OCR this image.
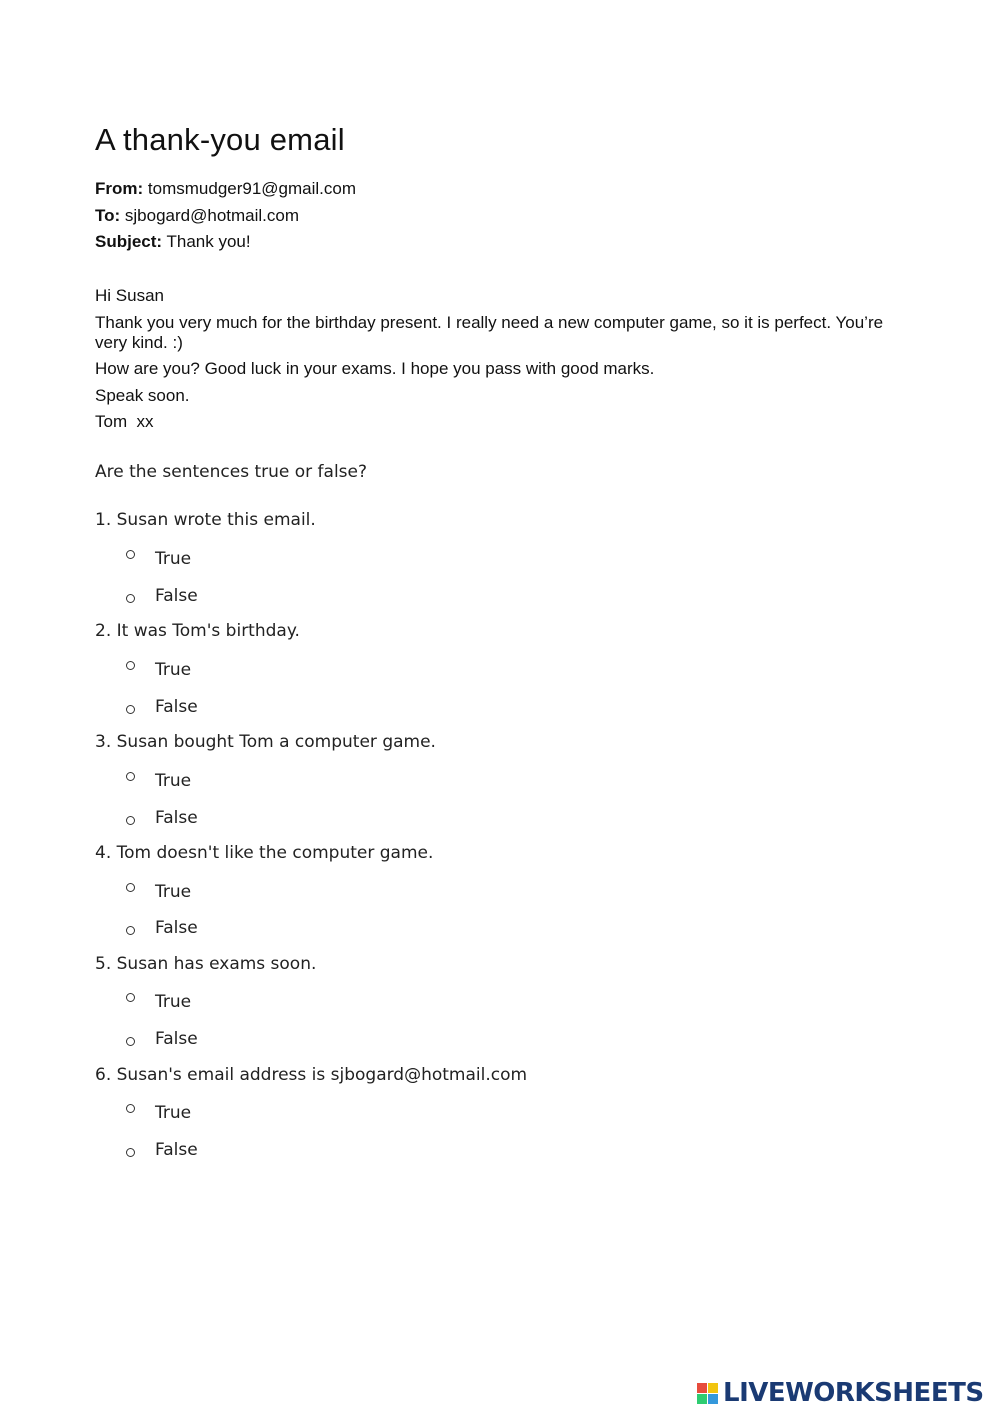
A thank-you email
From: tomsmudger91@gmail.com
To: sjbogard@hotmail.com
Subject: Thank you!
Hi Susan
Thank you very much for the birthday present. I really need a new computer game, so it is perfect. You’re very kind. :)
How are you? Good luck in your exams. I hope you pass with good marks.
Speak soon.
Tom  xx
Are the sentences true or false?
1. Susan wrote this email.
True
False
2. It was Tom's birthday.
True
False
3. Susan bought Tom a computer game.
True
False
4. Tom doesn't like the computer game.
True
False
5. Susan has exams soon.
True
False
6. Susan's email address is sjbogard@hotmail.com
True
False
LIVEWORKSHEETS
